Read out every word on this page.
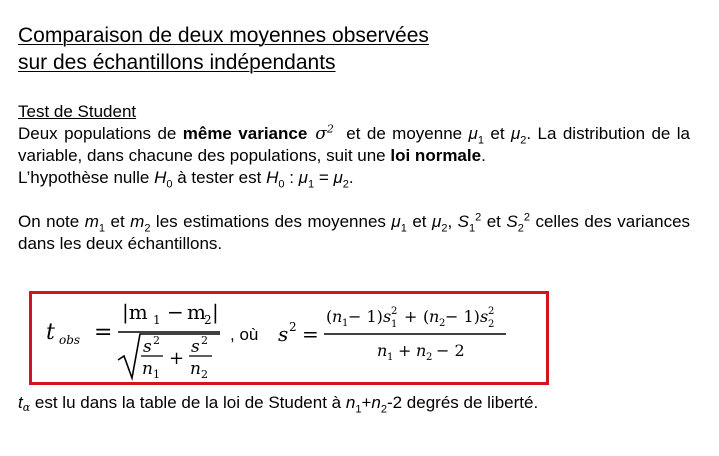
Comparaison de deux moyennes observées
sur des échantillons indépendants
Test de Student
Deux populations de même variance $\sigma^2$ et de moyenne $\mu_1$ et $\mu_2$. La distribution de la variable, dans chacune des populations, suit une loi normale.
L’hypothèse nulle $H_0$ à tester est $H_0$ : $\mu_1 = \mu_2$.
On note $m_1$ et $m_2$ les estimations des moyennes $\mu_1$ et $\mu_2$, $S_1^2$ et $S_2^2$ celles des variances dans les deux échantillons.
t obs =
|m 1 − m
2 |
s 2
n 1
+
s 2
n 2
, où s 2 =
( n 1 − 1) s 2
1 + ( n 2 − 1) s 2
2
n 1 + n 2 − 2
tα est lu dans la table de la loi de Student à $n_1+n_2-2$ degrés de liberté.
